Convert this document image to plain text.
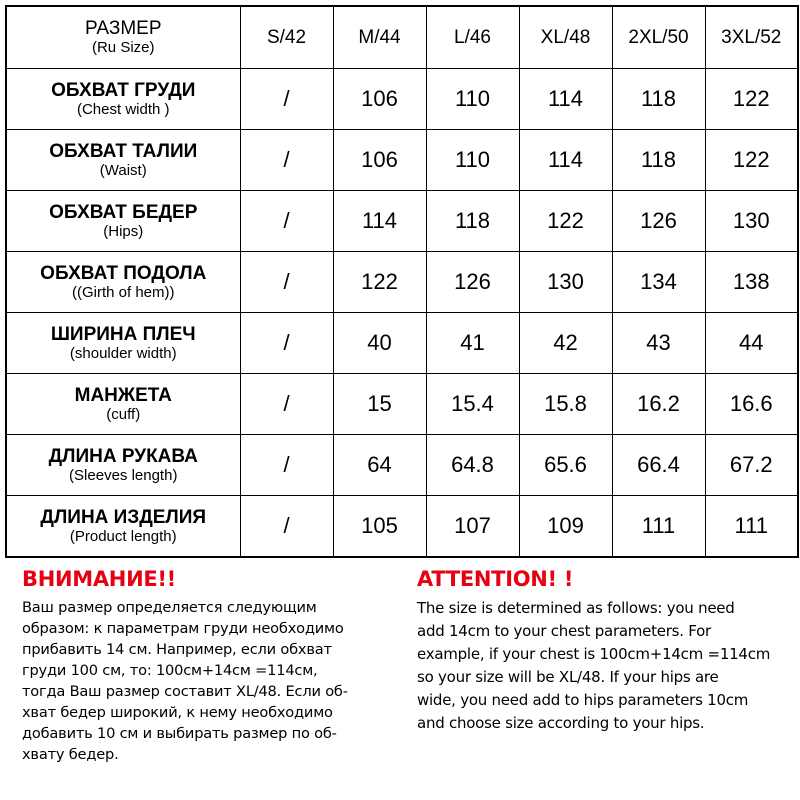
РАЗМЕР
(Ru Size)	S/42	M/44	L/46	XL/48	2XL/50	3XL/52

ОБХВАТ ГРУДИ
(Chest width )	/	106	110	114	118	122

ОБХВАТ ТАЛИИ
(Waist)	/	106	110	114	118	122

ОБХВАТ БЕДЕР
(Hips)	/	114	118	122	126	130

ОБХВАТ ПОДОЛА
((Girth of hem))	/	122	126	130	134	138

ШИРИНА ПЛЕЧ
(shoulder width)	/	40	41	42	43	44

МАНЖЕТА
(cuff)	/	15	15.4	15.8	16.2	16.6

ДЛИНА РУКАВА
(Sleeves length)	/	64	64.8	65.6	66.4	67.2

ДЛИНА ИЗДЕЛИЯ
(Product length)	/	105	107	109	111	111
ВНИМАНИЕ!!

Ваш размер определяется следующим
образом: к параметрам груди необходимо
прибавить 14 см. Например, если обхват
груди 100 см, то: 100см+14см =114см,
тогда Ваш размер составит XL/48. Если об-
хват бедер широкий, к нему необходимо
добавить 10 см и выбирать размер по об-
хвату бедер.

ATTENTION! !

The size is determined as follows: you need
add 14cm to your chest parameters. For
example, if your chest is 100cm+14cm =114cm
so your size will be XL/48. If your hips are
wide, you need add to hips parameters 10cm
and choose size according to your hips.
